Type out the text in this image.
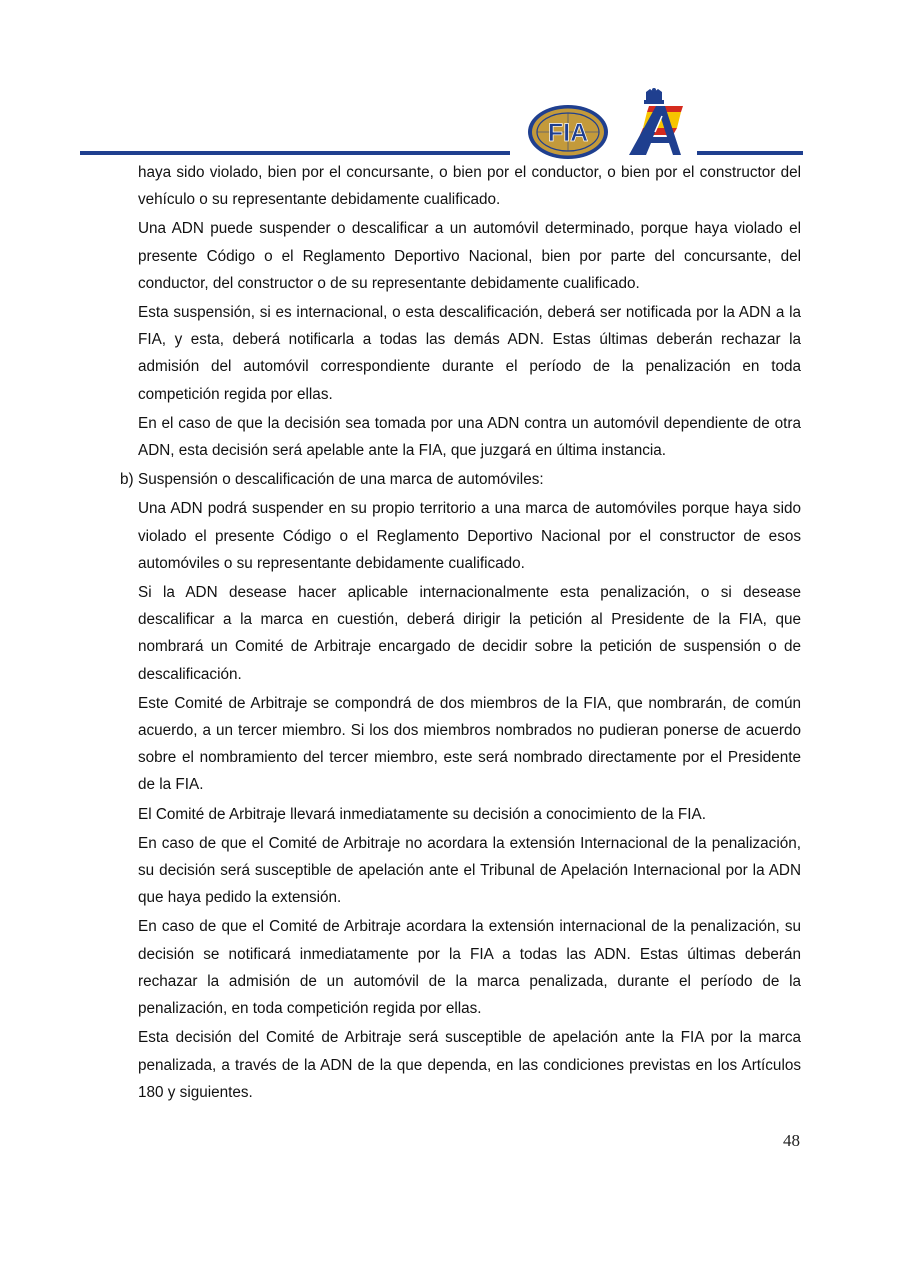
FIA

haya sido violado, bien por el concursante, o bien por el conductor, o bien por el constructor del vehículo o su representante debidamente cualificado.

Una ADN puede suspender o descalificar a un automóvil determinado, porque haya violado el presente Código o el Reglamento Deportivo Nacional, bien por parte del concursante, del conductor, del constructor o de su representante debidamente cualificado.

Esta suspensión, si es internacional, o esta descalificación, deberá ser notificada por la ADN a la FIA, y esta, deberá notificarla a todas las demás ADN. Estas últimas deberán rechazar la admisión del automóvil correspondiente durante el período de la penalización en toda competición regida por ellas.

En el caso de que la decisión sea tomada por una ADN contra un automóvil dependiente de otra ADN, esta decisión será apelable ante la FIA, que juzgará en última instancia.

b) Suspensión o descalificación de una marca de automóviles:

Una ADN podrá suspender en su propio territorio a una marca de automóviles porque haya sido violado el presente Código o el Reglamento Deportivo Nacional por el constructor de esos automóviles o su representante debidamente cualificado.

Si la ADN desease hacer aplicable internacionalmente esta penalización, o si desease descalificar a la marca en cuestión, deberá dirigir la petición al Presidente de la FIA, que nombrará un Comité de Arbitraje encargado de decidir sobre la petición de suspensión o de descalificación.

Este Comité de Arbitraje se compondrá de dos miembros de la FIA, que nombrarán, de común acuerdo, a un tercer miembro. Si los dos miembros nombrados no pudieran ponerse de acuerdo sobre el nombramiento del tercer miembro, este será nombrado directamente por el Presidente de la FIA.

El Comité de Arbitraje llevará inmediatamente su decisión a conocimiento de la FIA.

En caso de que el Comité de Arbitraje no acordara la extensión Internacional de la penalización, su decisión será susceptible de apelación ante el Tribunal de Apelación Internacional por la ADN que haya pedido la extensión.

En caso de que el Comité de Arbitraje acordara la extensión internacional de la penalización, su decisión se notificará inmediatamente por la FIA a todas las ADN. Estas últimas deberán rechazar la admisión de un automóvil de la marca penalizada, durante el período de la penalización, en toda competición regida por ellas.

Esta decisión del Comité de Arbitraje será susceptible de apelación ante la FIA por la marca penalizada, a través de la ADN de la que dependa, en las condiciones previstas en los Artículos 180 y siguientes.

48
